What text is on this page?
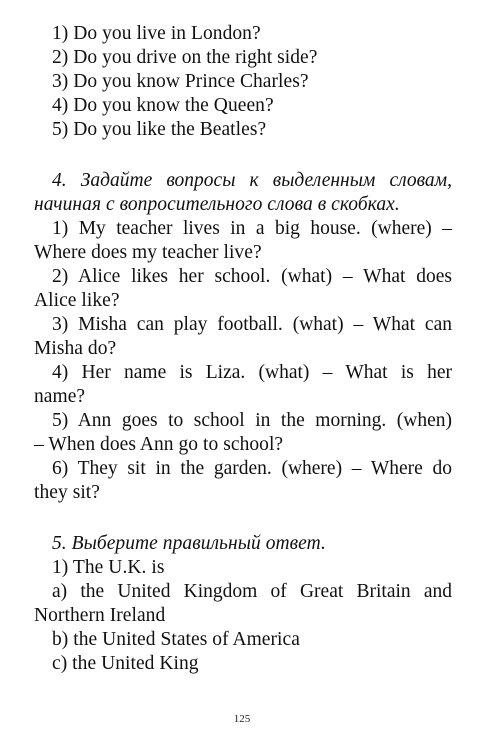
1) Do you live in London?
2) Do you drive on the right side?
3) Do you know Prince Charles?
4) Do you know the Queen?
5) Do you like the Beatles?
4. Задайте вопросы к выделенным словам,
начиная с вопросительного слова в скобках.
1) My teacher lives in a big house. (where) –
Where does my teacher live?
2) Alice likes her school. (what) – What does
Alice like?
3) Misha can play football. (what) – What can
Misha do?
4) Her name is Liza. (what) – What is her
name?
5) Ann goes to school in the morning. (when)
– When does Ann go to school?
6) They sit in the garden. (where) – Where do
they sit?
5. Выберите правильный ответ.
1) The U.K. is
a) the United Kingdom of Great Britain and
Northern Ireland
b) the United States of America
c) the United King
125
